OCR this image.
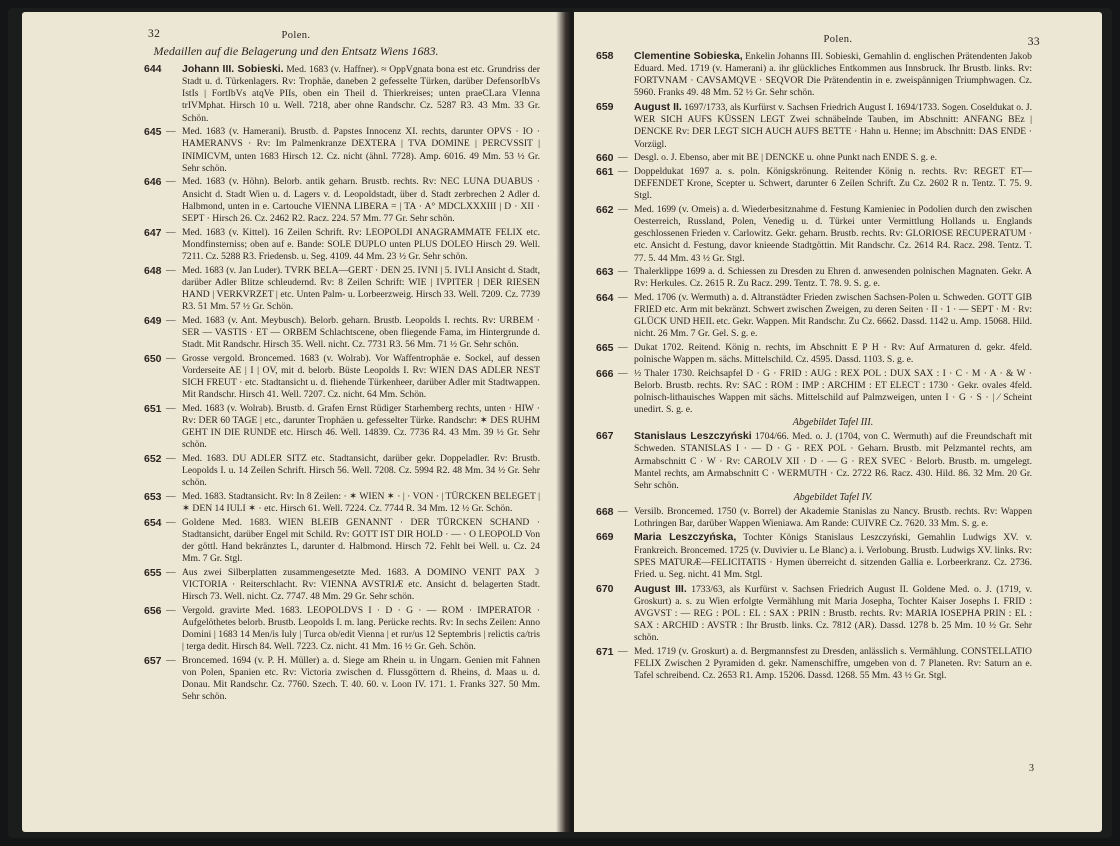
32	Polen.
Medaillen auf die Belagerung und den Entsatz Wiens 1683.
644 Johann III. Sobieski. Med. 1683 (v. Haffner). ≈ OppVgnata bona est etc. Grundriss der Stadt u. d. Türkenlagers. Rv: Trophäe, daneben 2 gefesselte Türken, darüber DefensorIbVs IstIs | FortIbVs atqVe PIIs, oben ein Theil d. Thierkreises; unten praeCLara VIenna trIVMphat. Hirsch 10 u. Well. 7218, aber ohne Randschr. Cz. 5287 R3. 43 Mm. 33 Gr. Schön.
645 — Med. 1683 (v. Hamerani). Brustb. d. Papstes Innocenz XI. rechts, darunter OPVS · IO · HAMERANVS · Rv: Im Palmenkranze DEXTERA | TVA DOMINE | PERCVSSIT | INIMICVM, unten 1683 Hirsch 12. Cz. nicht (ähnl. 7728). Amp. 6016. 49 Mm. 53 ½ Gr. Sehr schön.
646 — Med. 1683 (v. Höhn). Belorb. antik geharn. Brustb. rechts. Rv: NEC LUNA DUABUS · Ansicht d. Stadt Wien u. d. Lagers v. d. Leopoldstadt, über d. Stadt zerbrechen 2 Adler d. Halbmond, unten in e. Cartouche VIENNA LIBERA = | TA · A° MDCLXXXIII | D · XII · SEPT · Hirsch 26. Cz. 2462 R2. Racz. 224. 57 Mm. 77 Gr. Sehr schön.
647 — Med. 1683 (v. Kittel). 16 Zeilen Schrift. Rv: LEOPOLDI ANAGRAMMATE FELIX etc. Mondfinsterniss; oben auf e. Bande: SOLE DUPLO unten PLUS DOLEO Hirsch 29. Well. 7211. Cz. 5288 R3. Friedensb. u. Seg. 4109. 44 Mm. 23 ½ Gr. Sehr schön.
648 — Med. 1683 (v. Jan Luder). TVRK BELA—GERT · DEN 25. IVNI | 5. IVLI Ansicht d. Stadt, darüber Adler Blitze schleudernd. Rv: 8 Zeilen Schrift: WIE | IVPITER | DER RIESEN HAND | VERKVRZET | etc. Unten Palm- u. Lorbeerzweig. Hirsch 33. Well. 7209. Cz. 7739 R3. 51 Mm. 57 ½ Gr. Schön.
649 — Med. 1683 (v. Ant. Meybusch). Belorb. geharn. Brustb. Leopolds I. rechts. Rv: URBEM · SER — VASTIS · ET — ORBEM Schlachtscene, oben fliegende Fama, im Hintergrunde d. Stadt. Mit Randschr. Hirsch 35. Well. nicht. Cz. 7731 R3. 56 Mm. 71 ½ Gr. Sehr schön.
650 — Grosse vergold. Broncemed. 1683 (v. Wolrab). Vor Waffentrophäe e. Sockel, auf dessen Vorderseite AE | I | OV, mit d. belorb. Büste Leopolds I. Rv: WIEN DAS ADLER NEST SICH FREUT · etc. Stadtansicht u. d. fliehende Türkenheer, darüber Adler mit Stadtwappen. Mit Randschr. Hirsch 41. Well. 7207. Cz. nicht. 64 Mm. Schön.
651 — Med. 1683 (v. Wolrab). Brustb. d. Grafen Ernst Rüdiger Starhemberg rechts, unten · HIW · Rv: DER 60 TAGE | etc., darunter Trophäen u. gefesselter Türke. Randschr: ✶ DES RUHM GEHT IN DIE RUNDE etc. Hirsch 46. Well. 14839. Cz. 7736 R4. 43 Mm. 39 ½ Gr. Sehr schön.
652 — Med. 1683. DU ADLER SITZ etc. Stadtansicht, darüber gekr. Doppeladler. Rv: Brustb. Leopolds I. u. 14 Zeilen Schrift. Hirsch 56. Well. 7208. Cz. 5994 R2. 48 Mm. 34 ½ Gr. Sehr schön.
653 — Med. 1683. Stadtansicht. Rv: In 8 Zeilen: · ✶ WIEN ✶ · | · VON · | TÜRCKEN BELEGET | ✶ DEN 14 IULI ✶ · etc. Hirsch 61. Well. 7224. Cz. 7744 R. 34 Mm. 12 ½ Gr. Schön.
654 — Goldene Med. 1683. WIEN BLEIB GENANNT · DER TÜRCKEN SCHAND · Stadtansicht, darüber Engel mit Schild. Rv: GOTT IST DIR HOLD · — · O LEOPOLD Von der göttl. Hand bekränztes L, darunter d. Halbmond. Hirsch 72. Fehlt bei Well. u. Cz. 24 Mm. 7 Gr. Stgl.
655 — Aus zwei Silberplatten zusammengesetzte Med. 1683. A DOMINO VENIT PAX ☽ VICTORIA · Reiterschlacht. Rv: VIENNA AVSTRIÆ etc. Ansicht d. belagerten Stadt. Hirsch 73. Well. nicht. Cz. 7747. 48 Mm. 29 Gr. Sehr schön.
656 — Vergold. gravirte Med. 1683. LEOPOLDVS I · D · G · — ROM · IMPERATOR · Aufgelöthetes belorb. Brustb. Leopolds I. m. lang. Perücke rechts. Rv: In sechs Zeilen: Anno Domini | 1683 14 Men/is Iuly | Turca ob/edit Vienna | et rur/us 12 Septembris | relictis ca/tris | terga dedit. Hirsch 84. Well. 7223. Cz. nicht. 41 Mm. 16 ½ Gr. Geh. Schön.
657 — Broncemed. 1694 (v. P. H. Müller) a. d. Siege am Rhein u. in Ungarn. Genien mit Fahnen von Polen, Spanien etc. Rv: Victoria zwischen d. Flussgöttern d. Rheins, d. Maas u. d. Donau. Mit Randschr. Cz. 7760. Szech. T. 40. 60. v. Loon IV. 171. 1. Franks 327. 50 Mm. Sehr schön.
Polen.	33
658 Clementine Sobieska, Enkelin Johanns III. Sobieski, Gemahlin d. englischen Prätendenten Jakob Eduard. Med. 1719 (v. Hamerani) a. ihr glückliches Entkommen aus Innsbruck. Ihr Brustb. links. Rv: FORTVNAM · CAVSAMQVE · SEQVOR Die Prätendentin in e. zweispännigen Triumphwagen. Cz. 5960. Franks 49. 48 Mm. 52 ½ Gr. Sehr schön.
659 August II. 1697/1733, als Kurfürst v. Sachsen Friedrich August I. 1694/1733. Sogen. Coseldukat o. J. WER SICH AUFS KÜSSEN LEGT Zwei schnäbelnde Tauben, im Abschnitt: ANFANG BEz | DENCKE Rv: DER LEGT SICH AUCH AUFS BETTE · Hahn u. Henne; im Abschnitt: DAS ENDE · Vorzügl.
660 — Desgl. o. J. Ebenso, aber mit BE | DENCKE u. ohne Punkt nach ENDE S. g. e.
661 — Doppeldukat 1697 a. s. poln. Königskrönung. Reitender König n. rechts. Rv: REGET ET—DEFENDET Krone, Scepter u. Schwert, darunter 6 Zeilen Schrift. Zu Cz. 2602 R n. Tentz. T. 75. 9. Stgl.
662 — Med. 1699 (v. Omeis) a. d. Wiederbesitznahme d. Festung Kamieniec in Podolien durch den zwischen Oesterreich, Russland, Polen, Venedig u. d. Türkei unter Vermittlung Hollands u. Englands geschlossenen Frieden v. Carlowitz. Gekr. geharn. Brustb. rechts. Rv: GLORIOSE RECUPERATUM · etc. Ansicht d. Festung, davor knieende Stadtgöttin. Mit Randschr. Cz. 2614 R4. Racz. 298. Tentz. T. 77. 5. 44 Mm. 43 ½ Gr. Stgl.
663 — Thalerklippe 1699 a. d. Schiessen zu Dresden zu Ehren d. anwesenden polnischen Magnaten. Gekr. A Rv: Herkules. Cz. 2615 R. Zu Racz. 299. Tentz. T. 78. 9. S. g. e.
664 — Med. 1706 (v. Wermuth) a. d. Altranstädter Frieden zwischen Sachsen-Polen u. Schweden. GOTT GIB FRIED etc. Arm mit bekränzt. Schwert zwischen Zweigen, zu deren Seiten · II · 1 · — SEPT · M · Rv: GLÜCK UND HEIL etc. Gekr. Wappen. Mit Randschr. Zu Cz. 6662. Dassd. 1142 u. Amp. 15068. Hild. nicht. 26 Mm. 7 Gr. Gel. S. g. e.
665 — Dukat 1702. Reitend. König n. rechts, im Abschnitt E P H · Rv: Auf Armaturen d. gekr. 4feld. polnische Wappen m. sächs. Mittelschild. Cz. 4595. Dassd. 1103. S. g. e.
666 — ½ Thaler 1730. Reichsapfel D · G · FRID : AUG : REX POL : DUX SAX : I · C · M · A · & W · Belorb. Brustb. rechts. Rv: SAC : ROM : IMP : ARCHIM : ET ELECT : 1730 · Gekr. ovales 4feld. polnisch-lithauisches Wappen mit sächs. Mittelschild auf Palmzweigen, unten I · G · S · | ⁄ Scheint unedirt. S. g. e.
Abgebildet Tafel III.
667 Stanislaus Leszczyński 1704/66. Med. o. J. (1704, von C. Wermuth) auf die Freundschaft mit Schweden. STANISLAS I · — D · G · REX POL · Geharn. Brustb. mit Pelzmantel rechts, am Armabschnitt C · W · Rv: CAROLV XII · D · — G · REX SVEC · Belorb. Brustb. m. umgelegt. Mantel rechts, am Armabschnitt C · WERMUTH · Cz. 2722 R6. Racz. 430. Hild. 86. 32 Mm. 20 Gr. Sehr schön.
Abgebildet Tafel IV.
668 — Versilb. Broncemed. 1750 (v. Borrel) der Akademie Stanislas zu Nancy. Brustb. rechts. Rv: Wappen Lothringen Bar, darüber Wappen Wieniawa. Am Rande: CUIVRE Cz. 7620. 33 Mm. S. g. e.
669 Maria Leszczyńska, Tochter Königs Stanislaus Leszczyński, Gemahlin Ludwigs XV. v. Frankreich. Broncemed. 1725 (v. Duvivier u. Le Blanc) a. i. Verlobung. Brustb. Ludwigs XV. links. Rv: SPES MATURÆ—FELICITATIS · Hymen überreicht d. sitzenden Gallia e. Lorbeerkranz. Cz. 2736. Fried. u. Seg. nicht. 41 Mm. Stgl.
670 August III. 1733/63, als Kurfürst v. Sachsen Friedrich August II. Goldene Med. o. J. (1719, v. Groskurt) a. s. zu Wien erfolgte Vermählung mit Maria Josepha, Tochter Kaiser Josephs I. FRID : AVGVST : — REG : POL : EL : SAX : PRIN : Brustb. rechts. Rv: MARIA IOSEPHA PRIN : EL : SAX : ARCHID : AVSTR : Ihr Brustb. links. Cz. 7812 (AR). Dassd. 1278 b. 25 Mm. 10 ½ Gr. Sehr schön.
671 — Med. 1719 (v. Groskurt) a. d. Bergmannsfest zu Dresden, anlässlich s. Vermählung. CONSTELLATIO FELIX Zwischen 2 Pyramiden d. gekr. Namenschiffre, umgeben von d. 7 Planeten. Rv: Saturn an e. Tafel schreibend. Cz. 2653 R1. Amp. 15206. Dassd. 1268. 55 Mm. 43 ½ Gr. Stgl.
3
